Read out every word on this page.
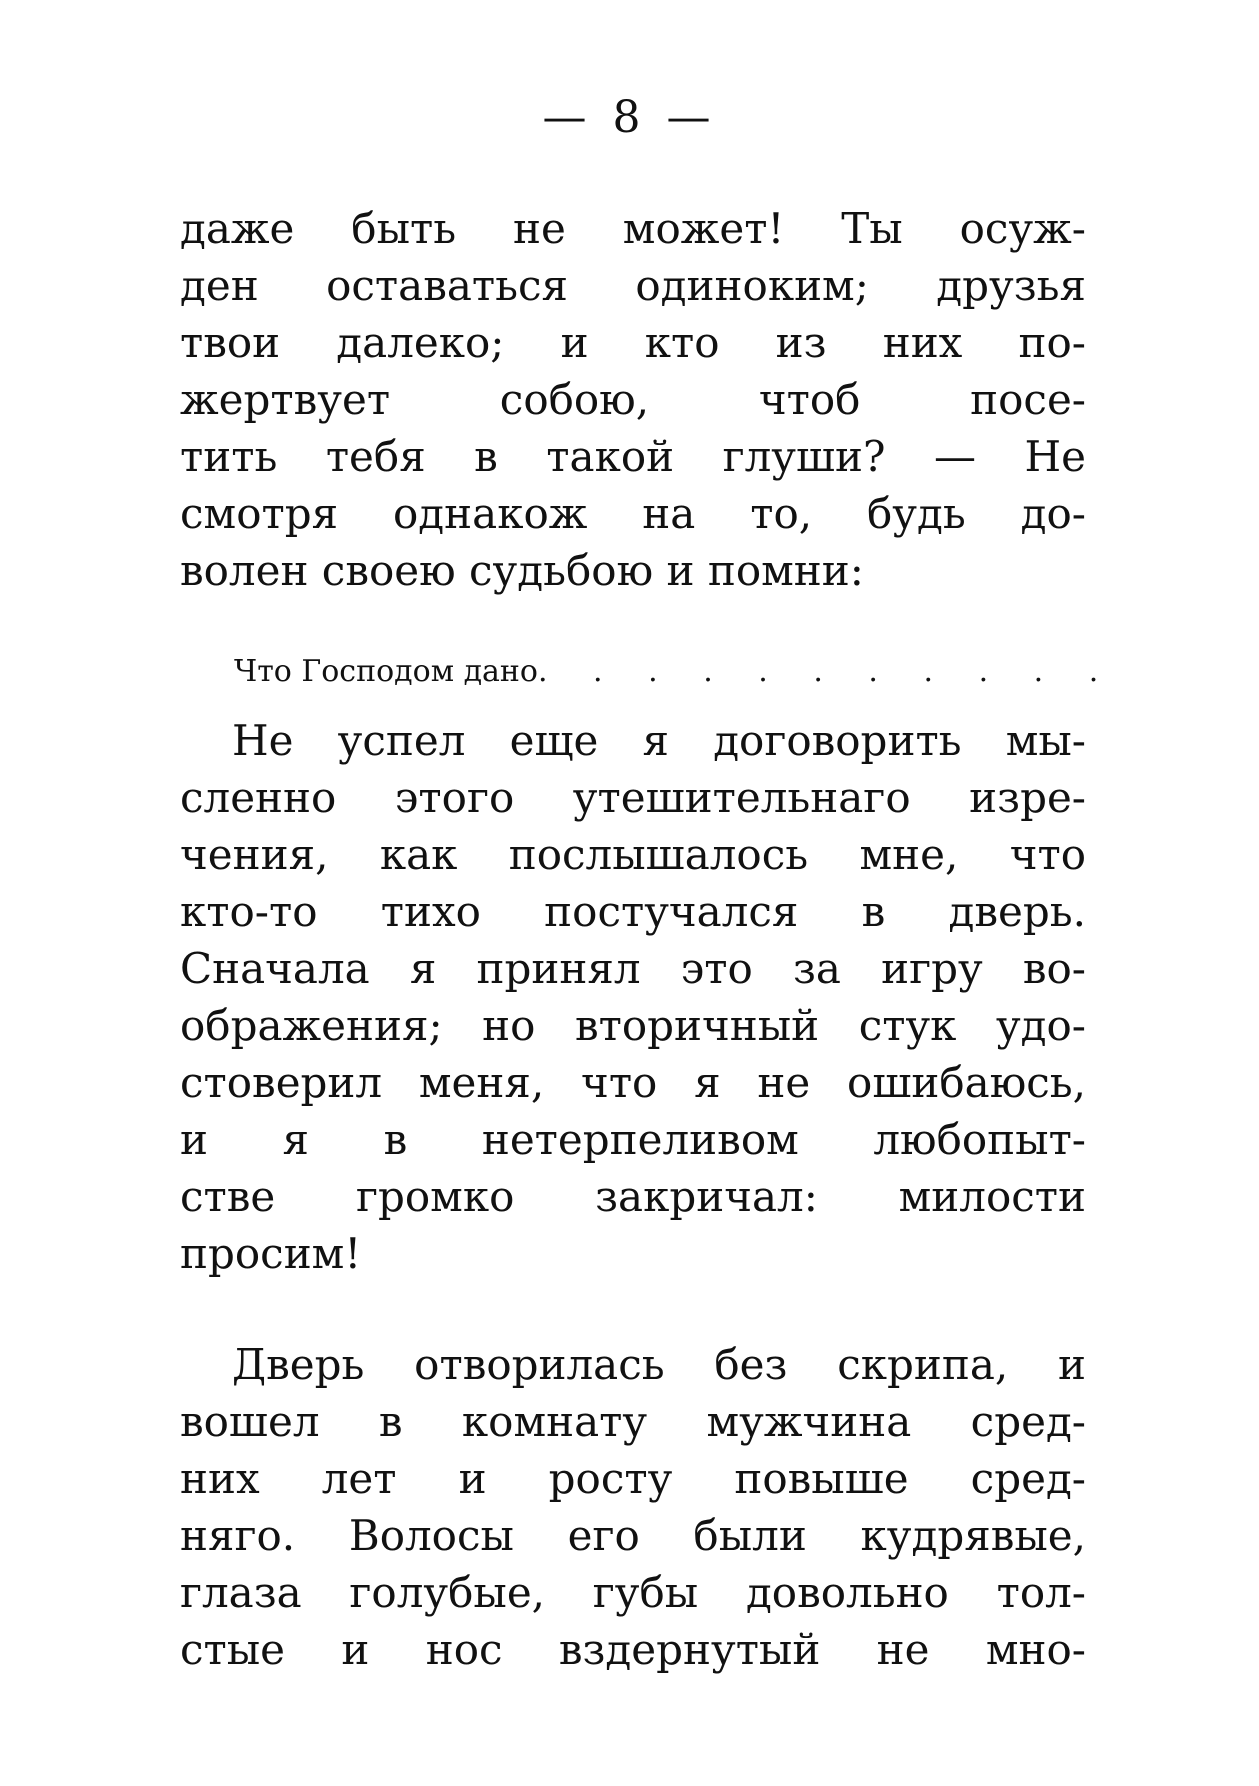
— 8 —
даже быть не может! Ты осуж-
ден оставаться одиноким; друзья
твои далеко; и кто из них по-
жертвует собою, чтоб посе-
тить тебя в такой глуши? — Не
смотря однакож на то, будь до-
волен своею судьбою и помни:
Что Господом дано . . . . . . . . . . .
Не успел еще я договорить мы-
сленно этого утешительнаго изре-
чения, как послышалось мне, что
кто-то тихо постучался в дверь.
Сначала я принял это за игру во-
ображения; но вторичный стук удо-
стоверил меня, что я не ошибаюсь,
и я в нетерпеливом любопыт-
стве громко закричал: милости
просим!
Дверь отворилась без скрипа, и
вошел в комнату мужчина сред-
них лет и росту повыше сред-
няго. Волосы его были кудрявые,
глаза голубые, губы довольно тол-
стые и нос вздернутый не мно-
